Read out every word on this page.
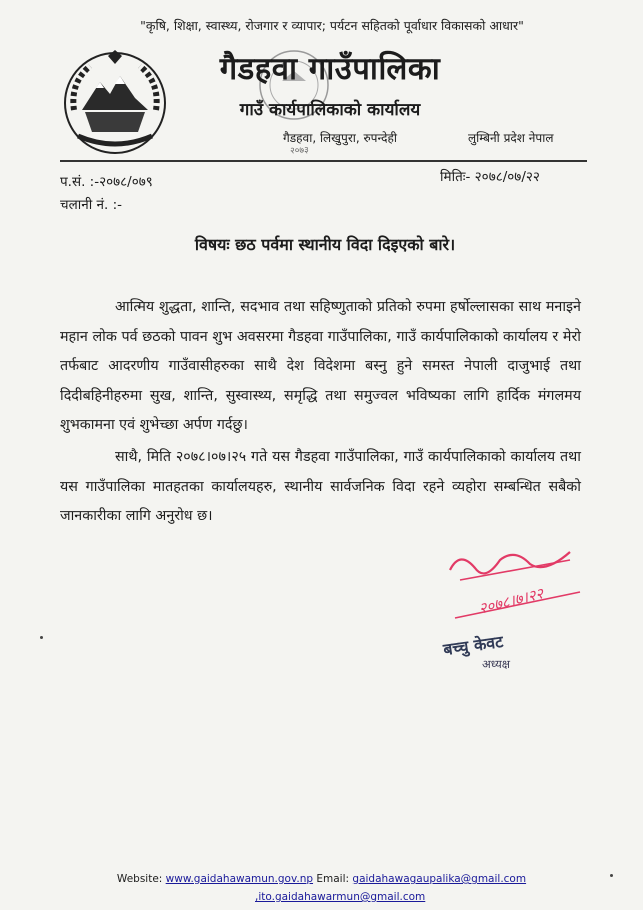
"कृषि, शिक्षा, स्वास्थ्य, रोजगार र व्यापार; पर्यटन सहितको पूर्वाधार विकासको आधार"
गैडहवा गाउँपालिका
गाउँ कार्यपालिकाको कार्यालय
गैडहवा, लिखुपुरा, रुपन्देही	लुम्बिनी प्रदेश नेपाल
२०७३
प.सं. :-२०७८/०७९
चलानी नं. :-
मितिः- २०७८/०७/२२
विषयः छठ पर्वमा स्थानीय विदा दिइएको बारे।

आत्मिय शुद्धता, शान्ति, सदभाव तथा सहिष्णुताको प्रतिको रुपमा हर्षोल्लासका साथ मनाइने महान लोक पर्व छठको पावन शुभ अवसरमा गैडहवा गाउँपालिका, गाउँ कार्यपालिकाको कार्यालय र मेरो तर्फबाट आदरणीय गाउँवासीहरुका साथै देश विदेशमा बस्नु हुने समस्त नेपाली दाजुभाई तथा दिदीबहिनीहरुमा सुख, शान्ति, सुस्वास्थ्य, समृद्धि तथा समुज्वल भविष्यका लागि हार्दिक मंगलमय शुभकामना एवं शुभेच्छा अर्पण गर्दछु।

साथै, मिति २०७८।०७।२५ गते यस गैडहवा गाउँपालिका, गाउँ कार्यपालिकाको कार्यालय तथा यस गाउँपालिका मातहतका कार्यालयहरु, स्थानीय सार्वजनिक विदा रहने व्यहोरा सम्बन्धित सबैको जानकारीका लागि अनुरोध छ।

२०७८।७।२२
बच्चु केवट
अध्यक्ष
Website: www.gaidahawamun.gov.np Email: gaidahawagaupalika@gmail.com
,ito.gaidahawarmun@gmail.com
